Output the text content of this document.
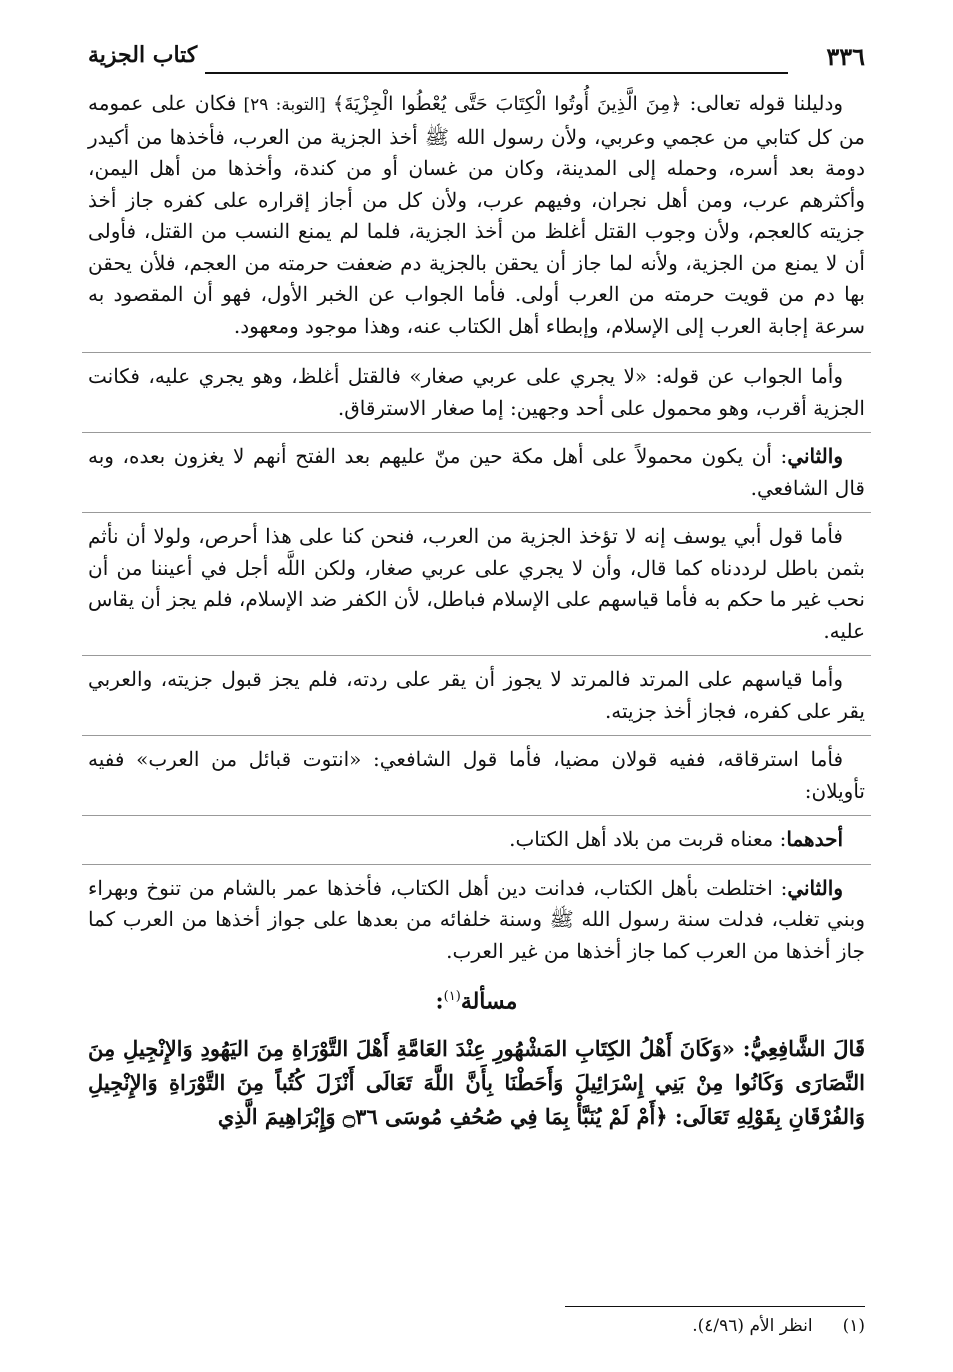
٣٣٦
كتاب الجزية

ودليلنا قوله تعالى: ﴿مِنَ الَّذِينَ أُوتُوا الْكِتَابَ حَتَّى يُعْطُوا الْجِزْيَةَ﴾ [التوبة: ٢٩] فكان على عمومه من كل كتابي من عجمي وعربي، ولأن رسول الله ﷺ أخذ الجزية من العرب، فأخذها من أكيدر دومة بعد أسره، وحمله إلى المدينة، وكان من غسان أو من كندة، وأخذها من أهل اليمن، وأكثرهم عرب، ومن أهل نجران، وفيهم عرب، ولأن كل من أجاز إقراره على كفره جاز أخذ جزيته كالعجم، ولأن وجوب القتل أغلظ من أخذ الجزية، فلما لم يمنع النسب من القتل، فأولى أن لا يمنع من الجزية، ولأنه لما جاز أن يحقن بالجزية دم ضعفت حرمته من العجم، فلأن يحقن بها دم من قويت حرمته من العرب أولى. فأما الجواب عن الخبر الأول، فهو أن المقصود به سرعة إجابة العرب إلى الإسلام، وإبطاء أهل الكتاب عنه، وهذا موجود ومعهود.

وأما الجواب عن قوله: «لا يجري على عربي صغار» فالقتل أغلظ، وهو يجري عليه، فكانت الجزية أقرب، وهو محمول على أحد وجهين: إما صغار الاسترقاق.

والثاني: أن يكون محمولاً على أهل مكة حين منّ عليهم بعد الفتح أنهم لا يغزون بعده، وبه قال الشافعي.

فأما قول أبي يوسف إنه لا تؤخذ الجزية من العرب، فنحن كنا على هذا أحرص، ولولا أن نأثم بثمن باطل لرددناه كما قال، وأن لا يجري على عربي صغار، ولكن اللَّه أجل في أعيننا من أن نحب غير ما حكم به فأما قياسهم على الإسلام فباطل، لأن الكفر ضد الإسلام، فلم يجز أن يقاس عليه.

وأما قياسهم على المرتد فالمرتد لا يجوز أن يقر على ردته، فلم يجز قبول جزيته، والعربي يقر على كفره، فجاز أخذ جزيته.

فأما استرقاقه، ففيه قولان مضيا، فأما قول الشافعي: «انتوت قبائل من العرب» ففيه تأويلان:

أحدهما: معناه قربت من بلاد أهل الكتاب.

والثاني: اختلطت بأهل الكتاب، فدانت دين أهل الكتاب، فأخذها عمر بالشام من تنوخ وبهراء وبني تغلب، فدلت سنة رسول الله ﷺ وسنة خلفائه من بعدها على جواز أخذها من العرب كما جاز أخذها من العرب كما جاز أخذها من غير العرب.

مسألة$^{(١)}$:

قَالَ الشَّافِعِيُّ: «وَكَانَ أَهْلُ الكِتَابِ المَشْهُورِ عِنْدَ العَامَّةِ أَهْلَ التَّوْرَاةِ مِنَ اليَهُودِ وَالإِنْجِيلِ مِنَ النَّصَارَى وَكَانُوا مِنْ بَنِي إِسْرَائِيلَ وَأَحَطْنَا بِأَنَّ اللَّهَ تَعَالَى أَنْزَلَ كُتُباً مِنَ التَّوْرَاةِ وَالإِنْجِيلِ وَالفُرْقَانِ بِقَوْلِهِ تَعَالَى: ﴿أَمْ لَمْ يُنَبَّأْ بِمَا فِي صُحُفِ مُوسَى ۝٣٦ وَإِبْرَاهِيمَ الَّذِي

(١)انظر الأم (٤/٩٦).
